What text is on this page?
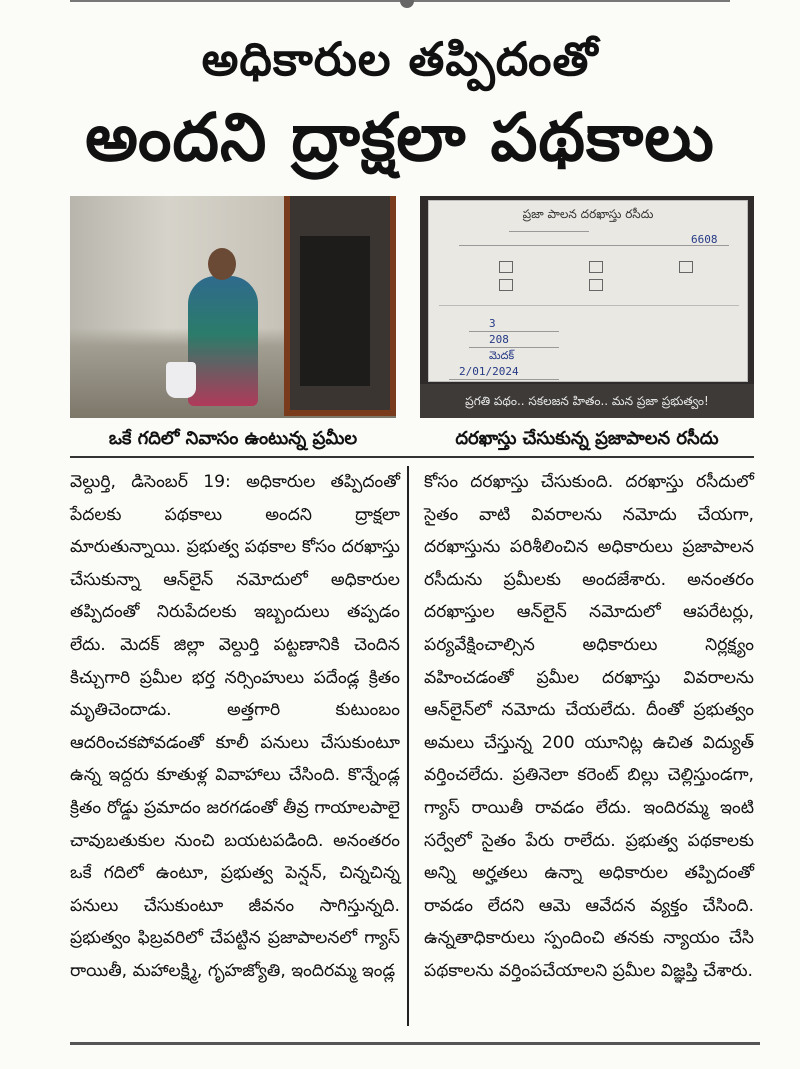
అధికారుల తప్పిదంతో
అందని ద్రాక్షలా పథకాలు
ప్రజా పాలన దరఖాస్తు రసీదు
6608
3
208
మెదక్
2/01/2024
ప్రగతి పథం.. సకలజన హితం.. మన ప్రజా ప్రభుత్వం!
ఒకే గదిలో నివాసం ఉంటున్న ప్రమీల	దరఖాస్తు చేసుకున్న ప్రజాపాలన రసీదు

వెల్దుర్తి, డిసెంబర్ 19: అధికారుల తప్పిదంతో పేదలకు పథకాలు అందని ద్రాక్షలా మారుతున్నాయి. ప్రభుత్వ పథకాల కోసం దరఖాస్తు చేసుకున్నా ఆన్‌లైన్ నమోదులో అధికారుల తప్పిదంతో నిరుపేదలకు ఇబ్బందులు తప్పడం లేదు. మెదక్ జిల్లా వెల్దుర్తి పట్టణానికి చెందిన కిచ్చుగారి ప్రమీల భర్త నర్సింహులు పదేండ్ల క్రితం మృతిచెందాడు. అత్తగారి కుటుంబం ఆదరించకపోవడంతో కూలీ పనులు చేసుకుంటూ ఉన్న ఇద్దరు కూతుళ్ల వివాహాలు చేసింది. కొన్నేండ్ల క్రితం రోడ్డు ప్రమాదం జరగడంతో తీవ్ర గాయాలపాలై చావుబతుకుల నుంచి బయటపడింది. అనంతరం ఒకే గదిలో ఉంటూ, ప్రభుత్వ పెన్షన్, చిన్నచిన్న పనులు చేసుకుంటూ జీవనం సాగిస్తున్నది. ప్రభుత్వం ఫిబ్రవరిలో చేపట్టిన ప్రజాపాలనలో గ్యాస్ రాయితీ, మహాలక్ష్మి, గృహజ్యోతి, ఇందిరమ్మ ఇండ్ల

కోసం దరఖాస్తు చేసుకుంది. దరఖాస్తు రసీదులో సైతం వాటి వివరాలను నమోదు చేయగా, దరఖాస్తును పరిశీలించిన అధికారులు ప్రజాపాలన రసీదును ప్రమీలకు అందజేశారు. అనంతరం దరఖాస్తుల ఆన్‌లైన్ నమోదులో ఆపరేటర్లు, పర్యవేక్షించాల్సిన అధికారులు నిర్లక్ష్యం వహించడంతో ప్రమీల దరఖాస్తు వివరాలను ఆన్‌లైన్‌లో నమోదు చేయలేదు. దీంతో ప్రభుత్వం అమలు చేస్తున్న 200 యూనిట్ల ఉచిత విద్యుత్ వర్తించలేదు. ప్రతినెలా కరెంట్ బిల్లు చెల్లిస్తుండగా, గ్యాస్ రాయితీ రావడం లేదు. ఇందిరమ్మ ఇంటి సర్వేలో సైతం పేరు రాలేదు. ప్రభుత్వ పథకాలకు అన్ని అర్హతలు ఉన్నా అధికారుల తప్పిదంతో రావడం లేదని ఆమె ఆవేదన వ్యక్తం చేసింది. ఉన్నతాధికారులు స్పందించి తనకు న్యాయం చేసి పథకాలను వర్తింపచేయాలని ప్రమీల విజ్ఞప్తి చేశారు.
